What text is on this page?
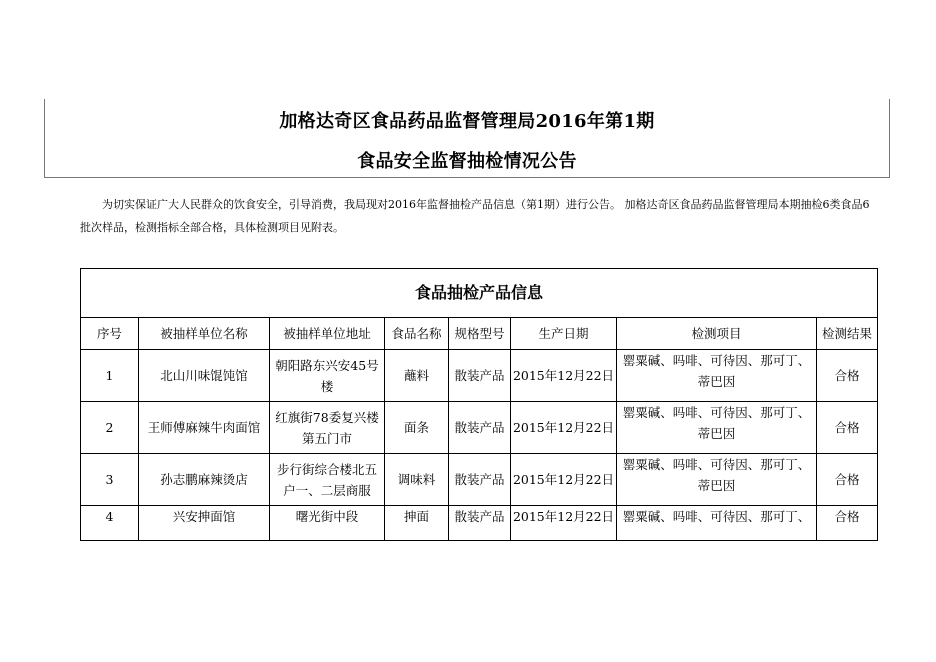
加格达奇区食品药品监督管理局2016年第1期
食品安全监督抽检情况公告
为切实保证广大人民群众的饮食安全，引导消费，我局现对2016年监督抽检产品信息（第1期）进行公告。 加格达奇区食品药品监督管理局本期抽检6类食品6批次样品，检测指标全部合格，具体检测项目见附表。
食品抽检产品信息							
序号	被抽样单位名称	被抽样单位地址	食品名称	规格型号	生产日期	检测项目	检测结果
1	北山川味馄饨馆	朝阳路东兴安45号楼	蘸料	散装产品	2015年12月22日	罂粟碱、吗啡、可待因、那可丁、蒂巴因	合格
2	王师傅麻辣牛肉面馆	红旗街78委复兴楼第五门市	面条	散装产品	2015年12月22日	罂粟碱、吗啡、可待因、那可丁、蒂巴因	合格
3	孙志鹏麻辣烫店	步行街综合楼北五户一、二层商服	调味料	散装产品	2015年12月22日	罂粟碱、吗啡、可待因、那可丁、蒂巴因	合格
4	兴安抻面馆	曙光街中段	抻面	散装产品	2015年12月22日	罂粟碱、吗啡、可待因、那可丁、	合格
